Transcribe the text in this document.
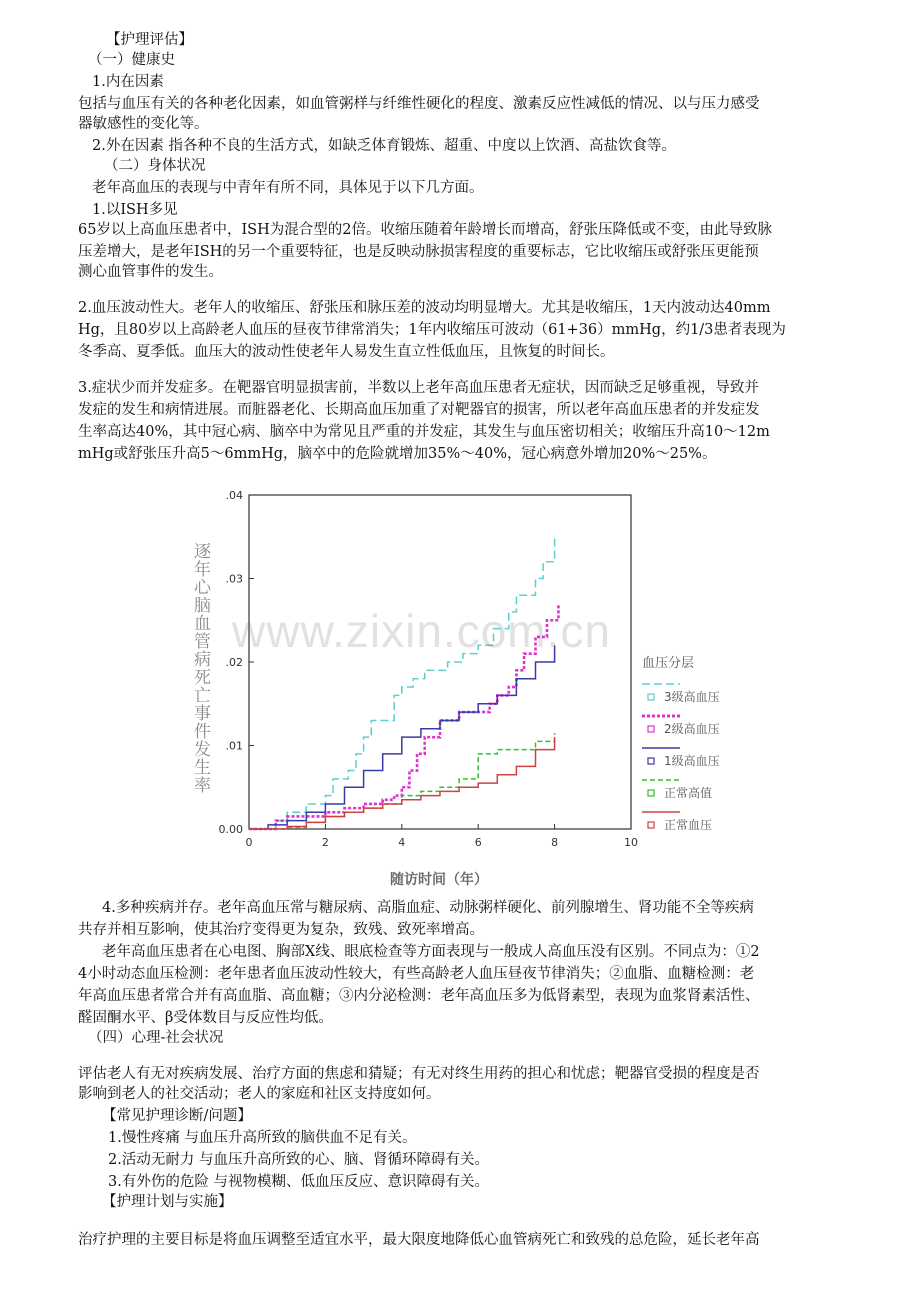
【护理评估】
（一）健康史
1.内在因素
包括与血压有关的各种老化因素，如血管粥样与纤维性硬化的程度、激素反应性减低的情况、以与压力感受
器敏感性的变化等。
2.外在因素 指各种不良的生活方式，如缺乏体育锻炼、超重、中度以上饮酒、高盐饮食等。
（二）身体状况
老年高血压的表现与中青年有所不同，具体见于以下几方面。
1.以ISH多见
65岁以上高血压患者中，ISH为混合型的2倍。收缩压随着年龄增长而增高，舒张压降低或不变，由此导致脉
压差增大，是老年ISH的另一个重要特征，也是反映动脉损害程度的重要标志，它比收缩压或舒张压更能预
测心血管事件的发生。
2.血压波动性大。老年人的收缩压、舒张压和脉压差的波动均明显增大。尤其是收缩压，1天内波动达40mm
Hg，且80岁以上高龄老人血压的昼夜节律常消失；1年内收缩压可波动（61+36）mmHg，约1/3患者表现为
冬季高、夏季低。血压大的波动性使老年人易发生直立性低血压，且恢复的时间长。
3.症状少而并发症多。在靶器官明显损害前，半数以上老年高血压患者无症状，因而缺乏足够重视，导致并
发症的发生和病情进展。而脏器老化、长期高血压加重了对靶器官的损害，所以老年高血压患者的并发症发
生率高达40%，其中冠心病、脑卒中为常见且严重的并发症，其发生与血压密切相关；收缩压升高10～12m
mHg或舒张压升高5～6mmHg，脑卒中的危险就增加35%～40%，冠心病意外增加20%～25%。
逐年心脑血管病死亡事件发生率
随访时间（年）
血压分层
0	2	4	6	8	10
0.00
.01
.02
.03
.04
3级高血压
2级高血压
1级高血压
正常高值
正常血压
www.zixin.com.cn
4.多种疾病并存。老年高血压常与糖尿病、高脂血症、动脉粥样硬化、前列腺增生、肾功能不全等疾病
共存并相互影响，使其治疗变得更为复杂，致残、致死率增高。
老年高血压患者在心电图、胸部X线、眼底检查等方面表现与一般成人高血压没有区别。不同点为：①2
4小时动态血压检测：老年患者血压波动性较大，有些高龄老人血压昼夜节律消失；②血脂、血糖检测：老
年高血压患者常合并有高血脂、高血糖；③内分泌检测：老年高血压多为低肾素型，表现为血浆肾素活性、
醛固酮水平、β受体数目与反应性均低。
（四）心理-社会状况
评估老人有无对疾病发展、治疗方面的焦虑和猜疑；有无对终生用药的担心和忧虑；靶器官受损的程度是否
影响到老人的社交活动；老人的家庭和社区支持度如何。
【常见护理诊断/问题】
1.慢性疼痛 与血压升高所致的脑供血不足有关。
2.活动无耐力 与血压升高所致的心、脑、肾循环障碍有关。
3.有外伤的危险 与视物模糊、低血压反应、意识障碍有关。
【护理计划与实施】
治疗护理的主要目标是将血压调整至适宜水平，最大限度地降低心血管病死亡和致残的总危险，延长老年高
